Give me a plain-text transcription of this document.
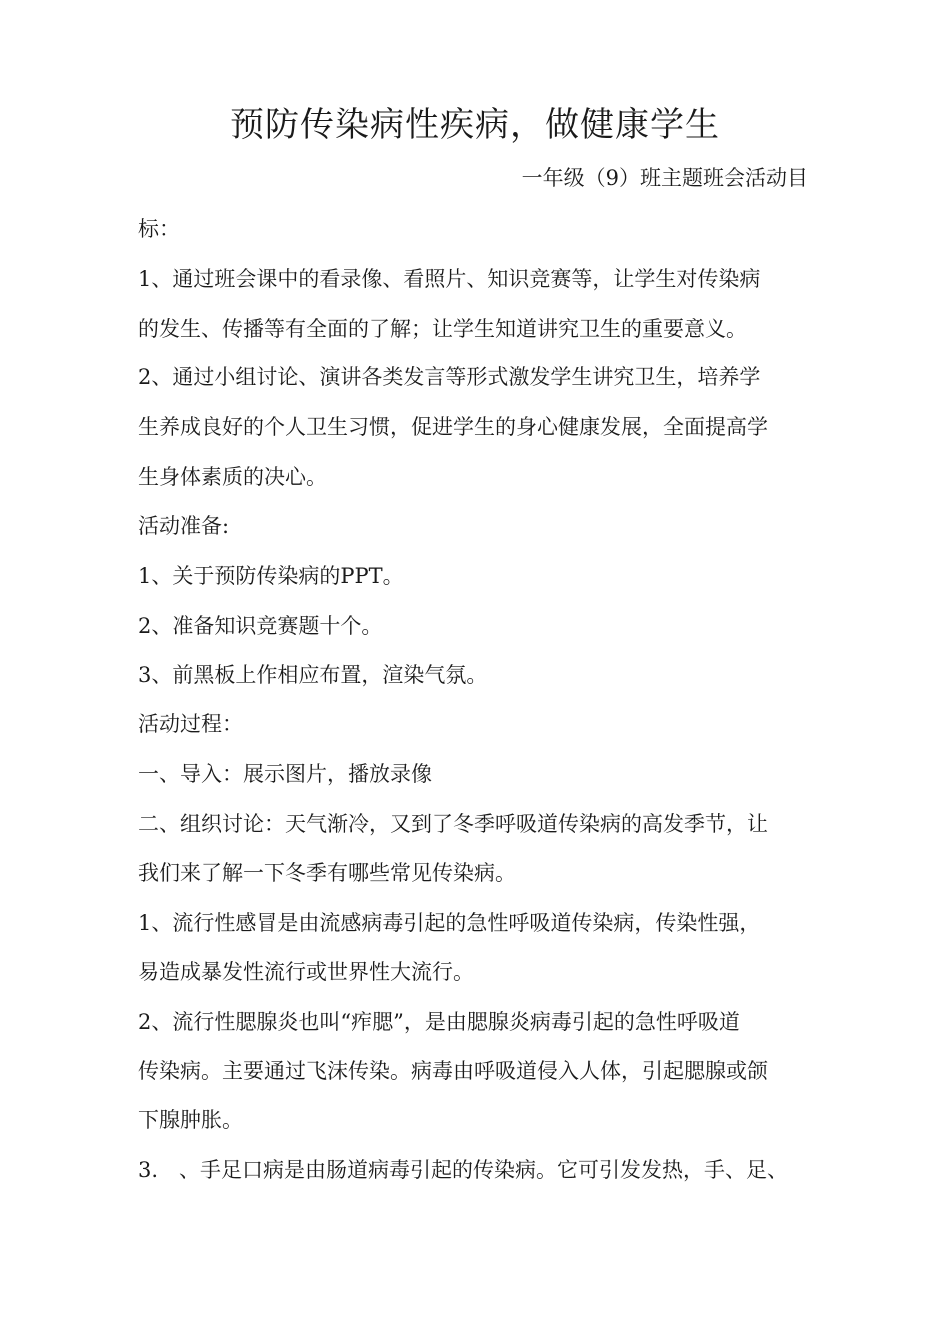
预防传染病性疾病，做健康学生
一年级（9）班主题班会活动目
标：
1、通过班会课中的看录像、看照片、知识竞赛等，让学生对传染病
的发生、传播等有全面的了解；让学生知道讲究卫生的重要意义。
2、通过小组讨论、演讲各类发言等形式激发学生讲究卫生，培养学
生养成良好的个人卫生习惯，促进学生的身心健康发展，全面提高学
生身体素质的决心。
活动准备:
1、关于预防传染病的PPT。
2、准备知识竞赛题十个。
3、前黑板上作相应布置，渲染气氛。
活动过程：
一、导入：展示图片，播放录像
二、组织讨论：天气渐冷，又到了冬季呼吸道传染病的高发季节，让
我们来了解一下冬季有哪些常见传染病。
1、流行性感冒是由流感病毒引起的急性呼吸道传染病，传染性强，
易造成暴发性流行或世界性大流行。
2、流行性腮腺炎也叫“痄腮”，是由腮腺炎病毒引起的急性呼吸道
传染病。主要通过飞沫传染。病毒由呼吸道侵入人体，引起腮腺或颌
下腺肿胀。
3.　、手足口病是由肠道病毒引起的传染病。它可引发发热，手、足、
